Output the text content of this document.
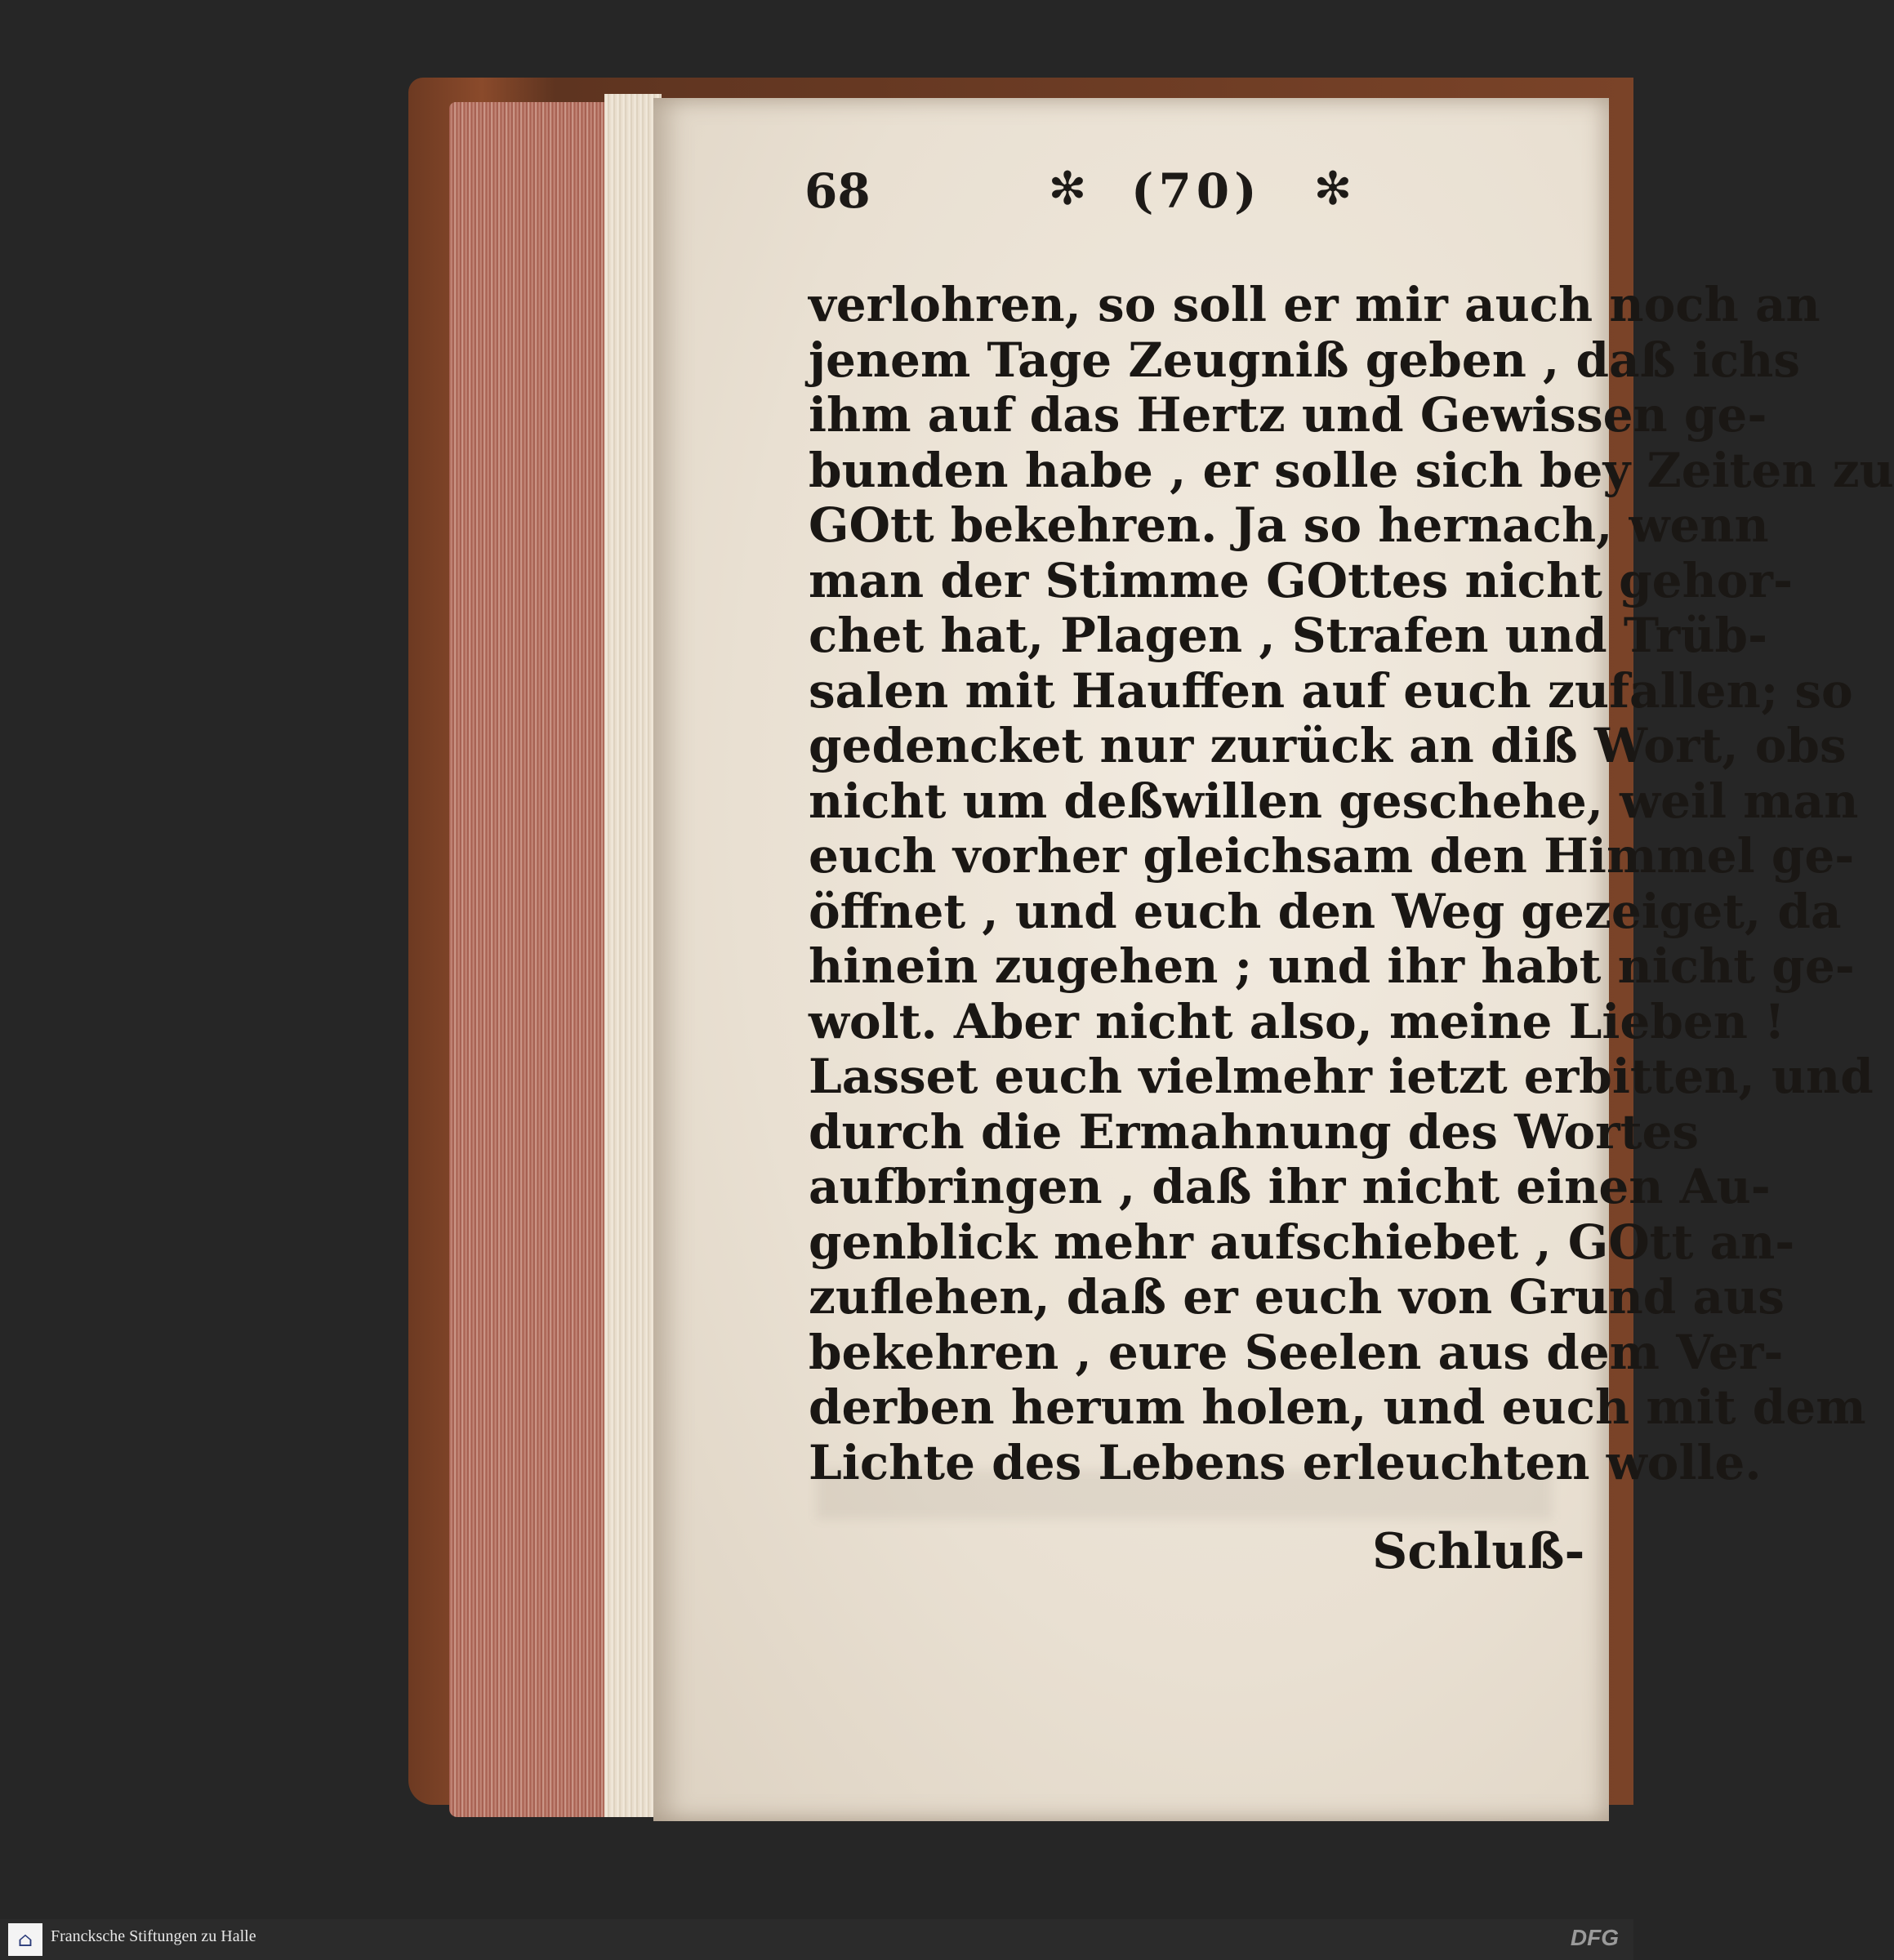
68	✻ (70) ✻
verlohren, so soll er mir auch noch an
jenem Tage Zeugniß geben , daß ichs
ihm auf das Hertz und Gewissen ge-
bunden habe , er solle sich bey Zeiten zu
GOtt bekehren. Ja so hernach, wenn
man der Stimme GOttes nicht gehor-
chet hat, Plagen , Strafen und Trüb-
salen mit Hauffen auf euch zufallen; so
gedencket nur zurück an diß Wort, obs
nicht um deßwillen geschehe, weil man
euch vorher gleichsam den Himmel ge-
öffnet , und euch den Weg gezeiget, da
hinein zugehen ; und ihr habt nicht ge-
wolt. Aber nicht also, meine Lieben !
Lasset euch vielmehr ietzt erbitten, und
durch die Ermahnung des Wortes
aufbringen , daß ihr nicht einen Au-
genblick mehr aufschiebet , GOtt an-
zuflehen, daß er euch von Grund aus
bekehren , eure Seelen aus dem Ver-
derben herum holen, und euch mit dem
Lichte des Lebens erleuchten wolle.
Schluß-
⌂	Francksche Stiftungen zu Halle	DFG
